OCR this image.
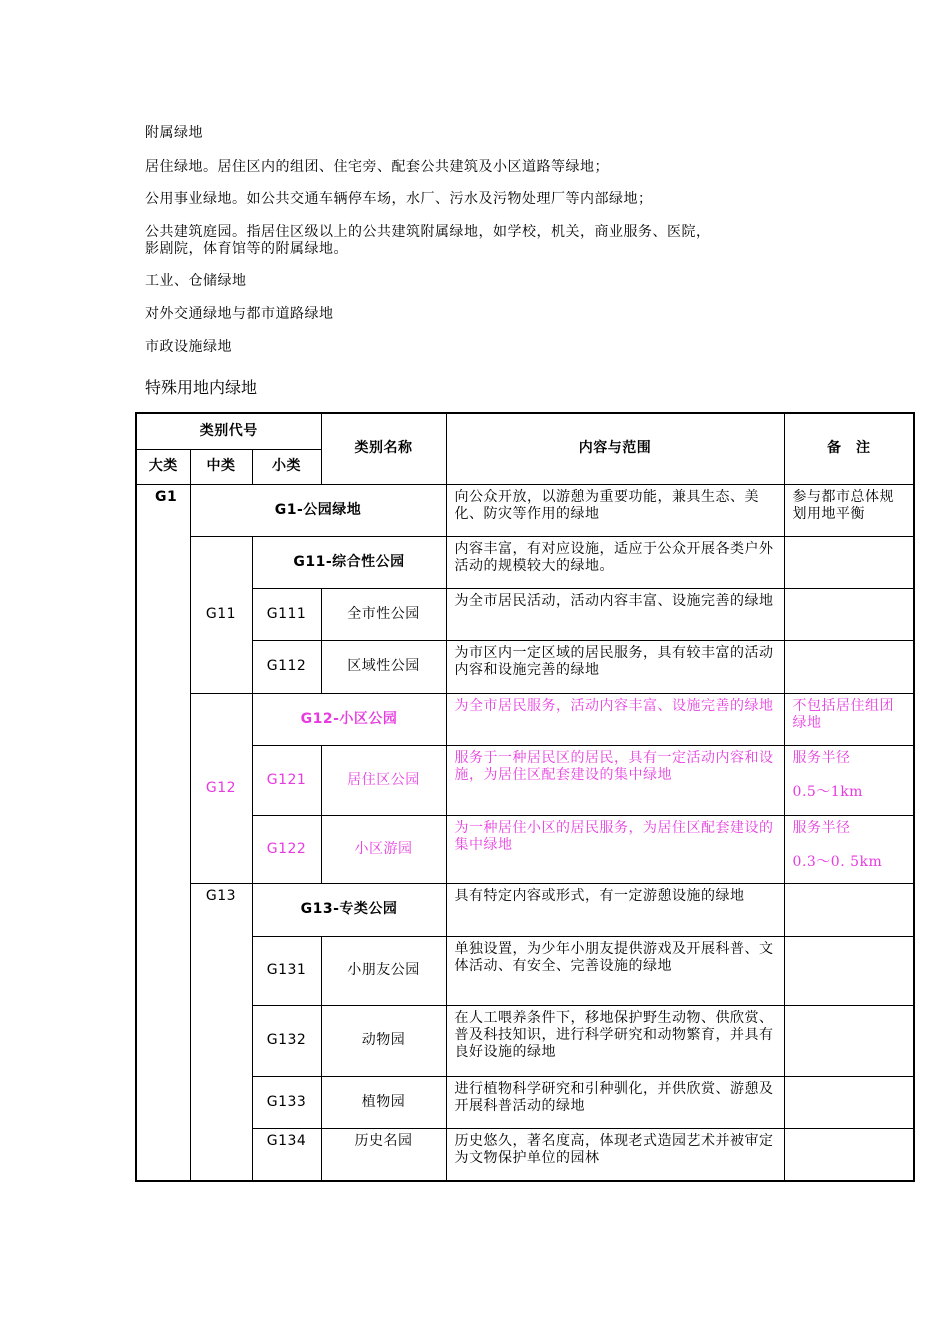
附属绿地
居住绿地。居住区内的组团、住宅旁、配套公共建筑及小区道路等绿地；
公用事业绿地。如公共交通车辆停车场，水厂、污水及污物处理厂等内部绿地；
公共建筑庭园。指居住区级以上的公共建筑附属绿地，如学校，机关，商业服务、医院，
影剧院，体育馆等的附属绿地。
工业、仓储绿地
对外交通绿地与都市道路绿地
市政设施绿地
特殊用地内绿地
类别代号			类别名称	内容与范围	备　注
大类	中类	小类			
G1	G1-公园绿地			向公众开放，以游憩为重要功能，兼具生态、美化、防灾等作用的绿地	参与都市总体规划用地平衡
	G11	G11-综合性公园		内容丰富，有对应设施，适应于公众开展各类户外活动的规模较大的绿地。	
		G111	全市性公园	为全市居民活动，活动内容丰富、设施完善的绿地	
		G112	区域性公园	为市区内一定区域的居民服务，具有较丰富的活动内容和设施完善的绿地	
	G12	G12-小区公园		为全市居民服务，活动内容丰富、设施完善的绿地	不包括居住组团绿地
		G121	居住区公园	服务于一种居民区的居民，具有一定活动内容和设施，为居住区配套建设的集中绿地	服务半径
0.5～1km
		G122	小区游园	为一种居住小区的居民服务，为居住区配套建设的集中绿地	服务半径
0.3～0. 5km
	G13	G13-专类公园		具有特定内容或形式，有一定游憩设施的绿地	
		G131	小朋友公园	单独设置，为少年小朋友提供游戏及开展科普、文体活动、有安全、完善设施的绿地	
		G132	动物园	在人工喂养条件下，移地保护野生动物、供欣赏、普及科技知识，进行科学研究和动物繁育，并具有良好设施的绿地	
		G133	植物园	进行植物科学研究和引种驯化，并供欣赏、游憩及开展科普活动的绿地	
		G134	历史名园	历史悠久，著名度高，体现老式造园艺术并被审定为文物保护单位的园林	
